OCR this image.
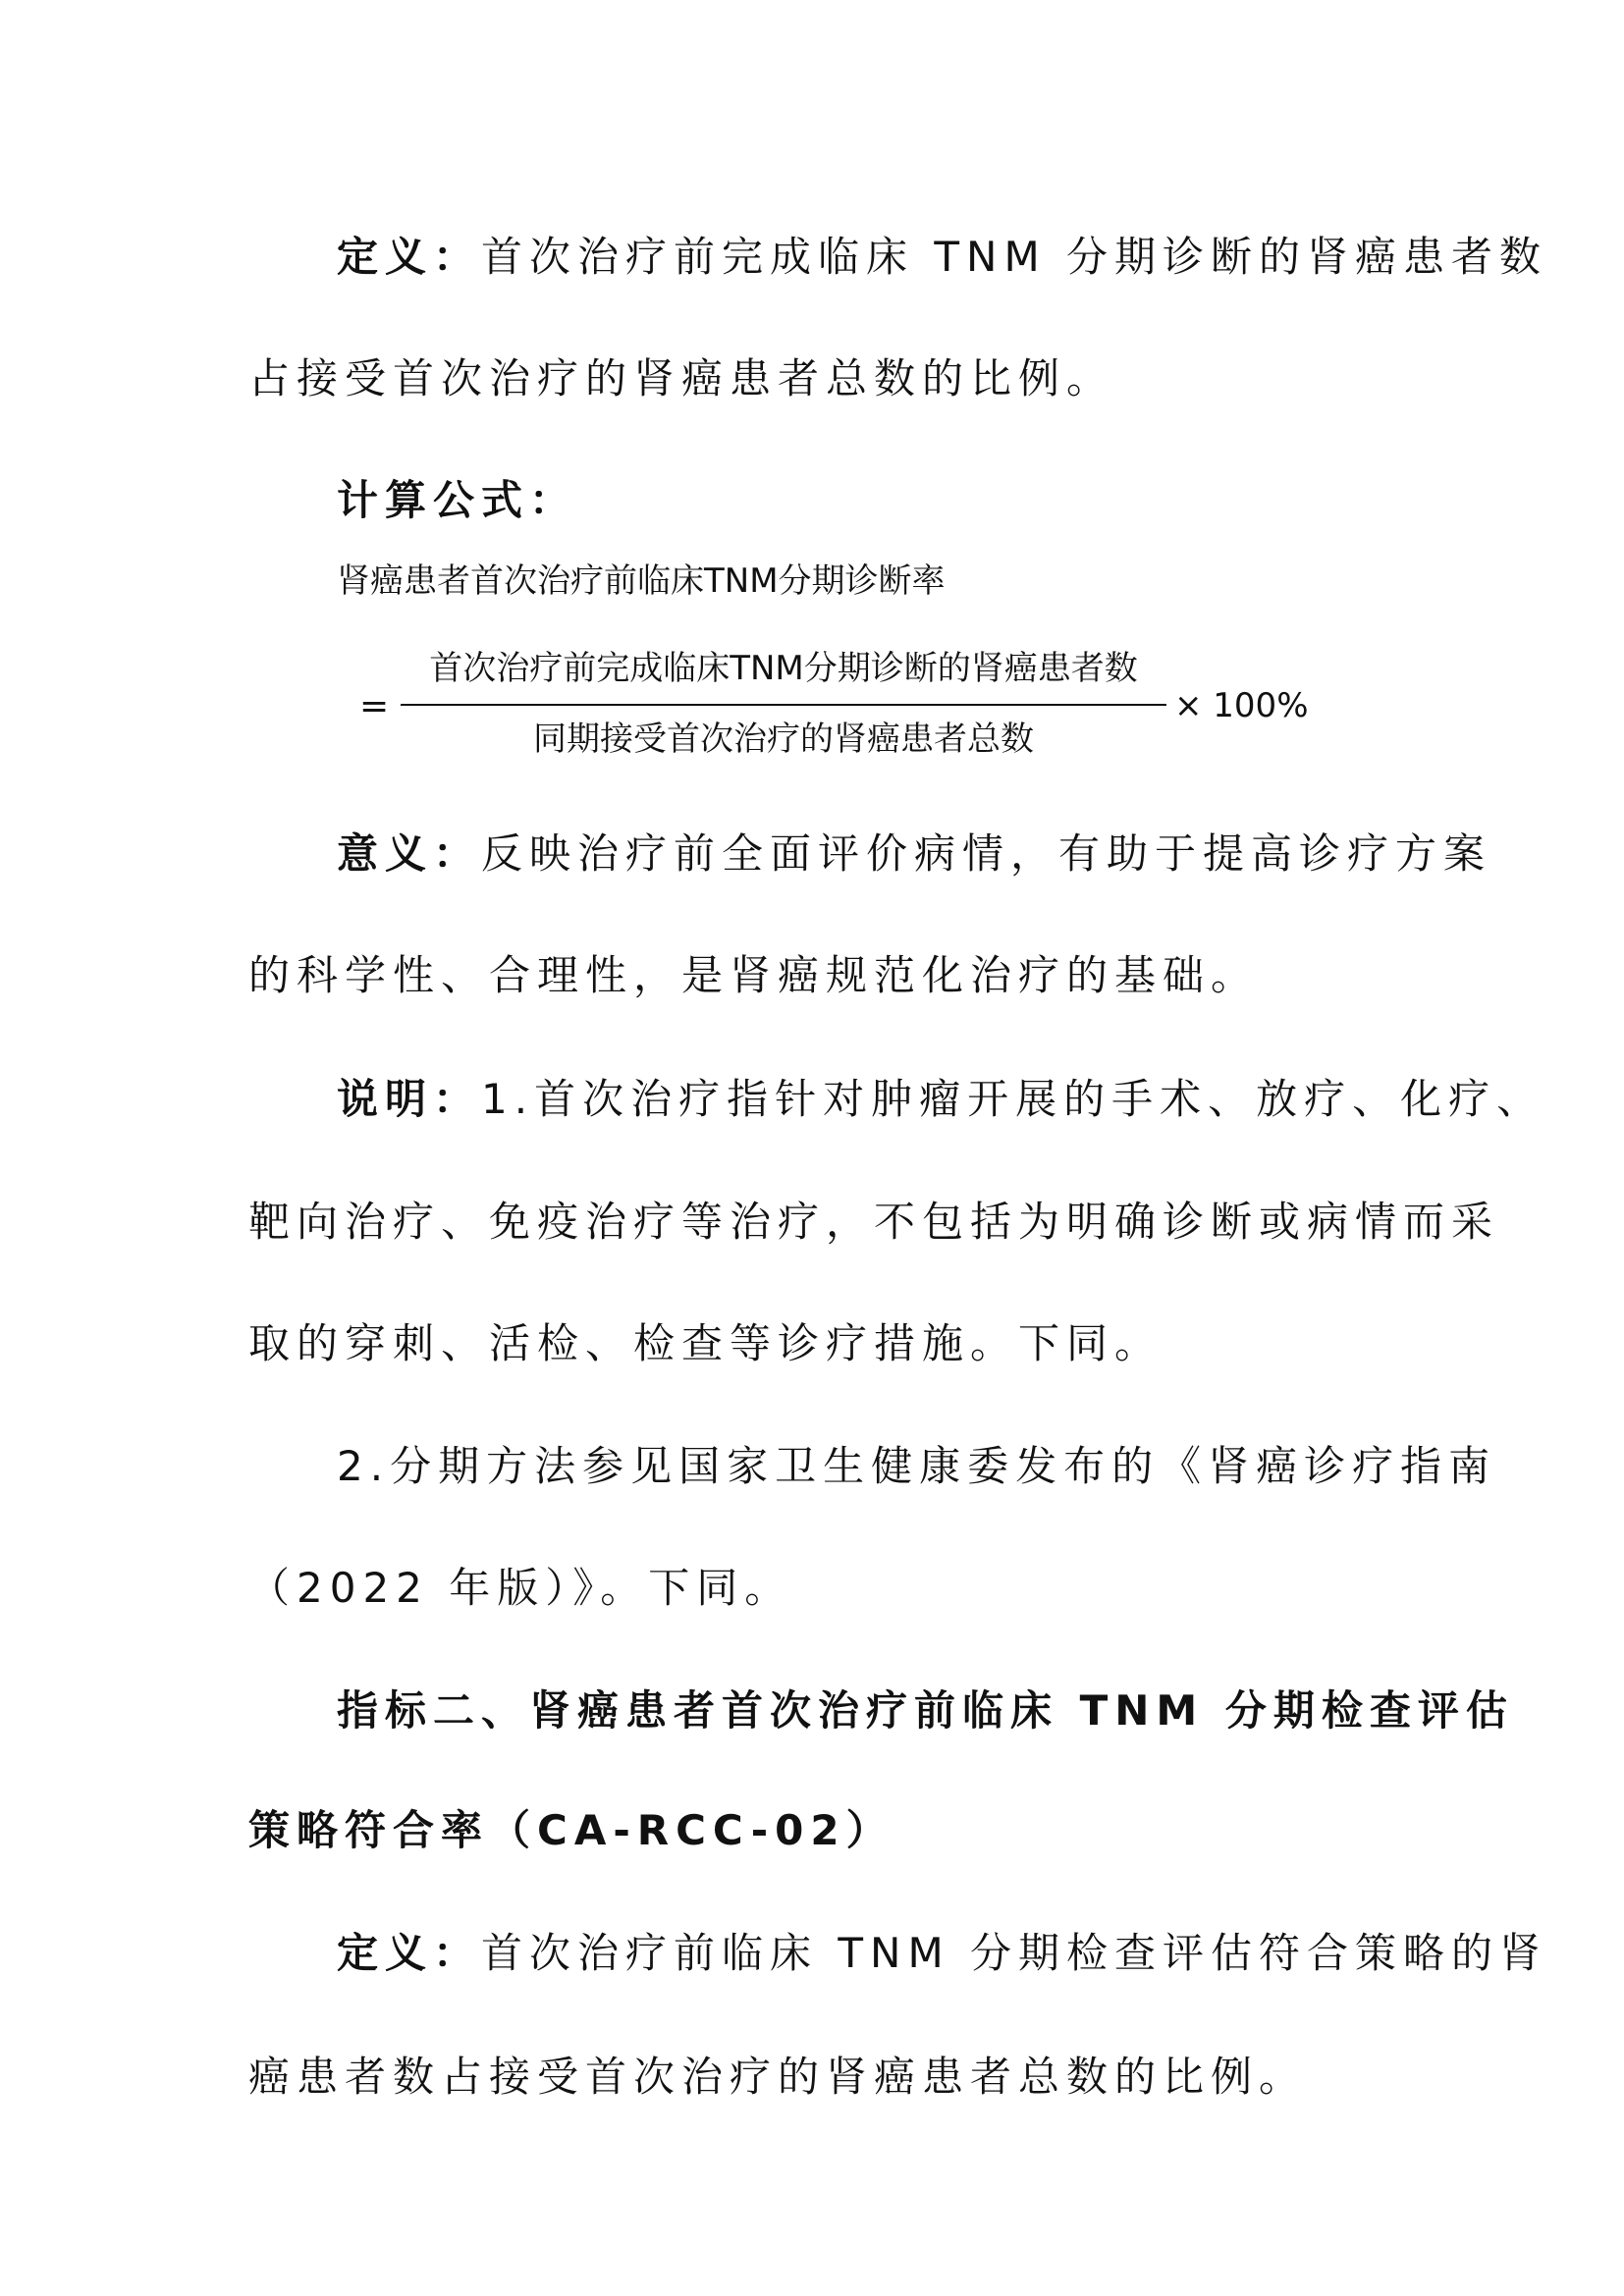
定义：首次治疗前完成临床 TNM 分期诊断的肾癌患者数
占接受首次治疗的肾癌患者总数的比例。
计算公式：
肾癌患者首次治疗前临床TNM分期诊断率
=
首次治疗前完成临床TNM分期诊断的肾癌患者数
同期接受首次治疗的肾癌患者总数
× 100%
意义：反映治疗前全面评价病情，有助于提高诊疗方案
的科学性、合理性，是肾癌规范化治疗的基础。
说明：1.首次治疗指针对肿瘤开展的手术、放疗、化疗、
靶向治疗、免疫治疗等治疗，不包括为明确诊断或病情而采
取的穿刺、活检、检查等诊疗措施。下同。
2.分期方法参见国家卫生健康委发布的《肾癌诊疗指南
（2022 年版）》。下同。
指标二、肾癌患者首次治疗前临床 TNM 分期检查评估
策略符合率（CA-RCC-02）
定义：首次治疗前临床 TNM 分期检查评估符合策略的肾
癌患者数占接受首次治疗的肾癌患者总数的比例。
